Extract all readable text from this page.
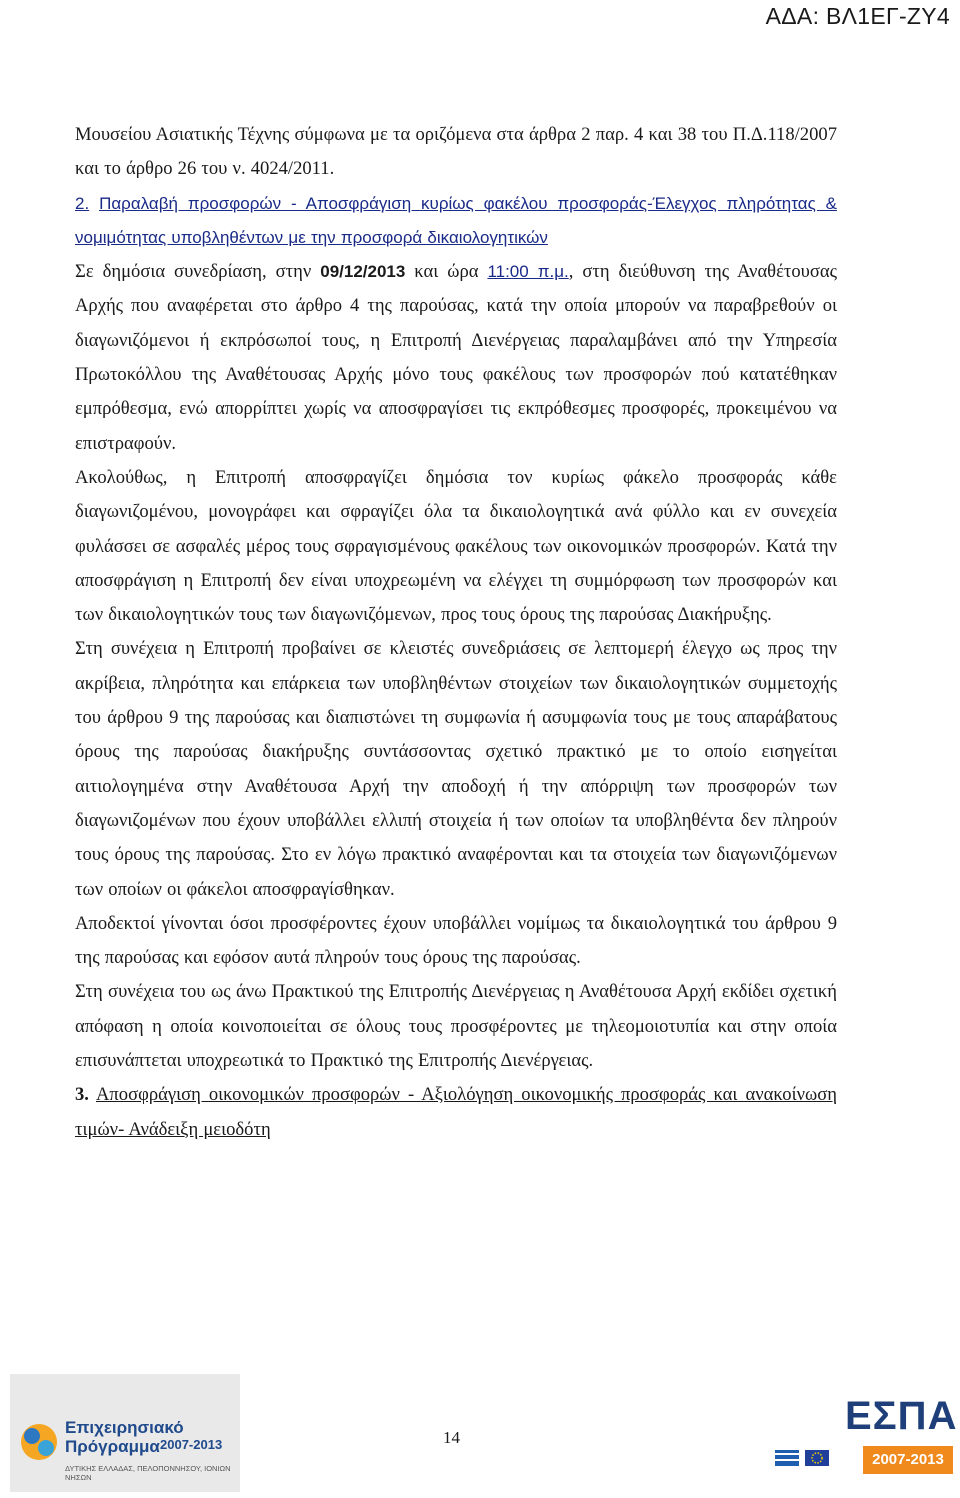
ΑΔΑ: ΒΛ1ΕΓ-ΖΥ4

Μουσείου Ασιατικής Τέχνης σύμφωνα με τα οριζόμενα στα άρθρα 2 παρ. 4 και 38 του Π.Δ.118/2007 και το άρθρο 26 του ν. 4024/2011.

2. Παραλαβή προσφορών - Αποσφράγιση κυρίως φακέλου προσφοράς-Έλεγχος πληρότητας & νομιμότητας υποβληθέντων με την προσφορά δικαιολογητικών

Σε δημόσια συνεδρίαση, στην 09/12/2013 και ώρα 11:00 π.μ., στη διεύθυνση της Αναθέτουσας Αρχής που αναφέρεται στο άρθρο 4 της παρούσας, κατά την οποία μπορούν να παραβρεθούν οι διαγωνιζόμενοι ή εκπρόσωποί τους, η Επιτροπή Διενέργειας παραλαμβάνει από την Υπηρεσία Πρωτοκόλλου της Αναθέτουσας Αρχής μόνο τους φακέλους των προσφορών πού κατατέθηκαν εμπρόθεσμα, ενώ απορρίπτει χωρίς να αποσφραγίσει τις εκπρόθεσμες προσφορές, προκειμένου να επιστραφούν.

Ακολούθως, η Επιτροπή αποσφραγίζει δημόσια τον κυρίως φάκελο προσφοράς κάθε διαγωνιζομένου, μονογράφει και σφραγίζει όλα τα δικαιολογητικά ανά φύλλο και εν συνεχεία φυλάσσει σε ασφαλές μέρος τους σφραγισμένους φακέλους των οικονομικών προσφορών. Κατά την αποσφράγιση η Επιτροπή δεν είναι υποχρεωμένη να ελέγχει τη συμμόρφωση των προσφορών και των δικαιολογητικών τους των διαγωνιζόμενων, προς τους όρους της παρούσας Διακήρυξης.

Στη συνέχεια η Επιτροπή προβαίνει σε κλειστές συνεδριάσεις σε λεπτομερή έλεγχο ως προς την ακρίβεια, πληρότητα και επάρκεια των υποβληθέντων στοιχείων των δικαιολογητικών συμμετοχής του άρθρου 9 της παρούσας και διαπιστώνει τη συμφωνία ή ασυμφωνία τους με τους απαράβατους όρους της παρούσας διακήρυξης συντάσσοντας σχετικό πρακτικό με το οποίο εισηγείται αιτιολογημένα στην Αναθέτουσα Αρχή την αποδοχή ή την απόρριψη των προσφορών των διαγωνιζομένων που έχουν υποβάλλει ελλιπή στοιχεία ή των οποίων τα υποβληθέντα δεν πληρούν τους όρους της παρούσας. Στο εν λόγω πρακτικό αναφέρονται και τα στοιχεία των διαγωνιζόμενων των οποίων οι φάκελοι αποσφραγίσθηκαν.

Αποδεκτοί γίνονται όσοι προσφέροντες έχουν υποβάλλει νομίμως τα δικαιολογητικά του άρθρου 9 της παρούσας και εφόσον αυτά πληρούν τους όρους της παρούσας.

Στη συνέχεια του ως άνω Πρακτικού της Επιτροπής Διενέργειας η Αναθέτουσα Αρχή εκδίδει σχετική απόφαση η οποία κοινοποιείται σε όλους τους προσφέροντες με τηλεομοιοτυπία και στην οποία επισυνάπτεται υποχρεωτικά το Πρακτικό της Επιτροπής Διενέργειας.

3. Αποσφράγιση οικονομικών προσφορών - Αξιολόγηση οικονομικής προσφοράς και ανακοίνωση τιμών- Ανάδειξη μειοδότη

Επιχειρησιακό
Πρόγραμμα 2007-2013
ΔΥΤΙΚΗΣ ΕΛΛΑΔΑΣ, ΠΕΛΟΠΟΝΝΗΣΟΥ, ΙΟΝΙΩΝ ΝΗΣΩΝ
14	ΕΣΠΑ
2007-2013
